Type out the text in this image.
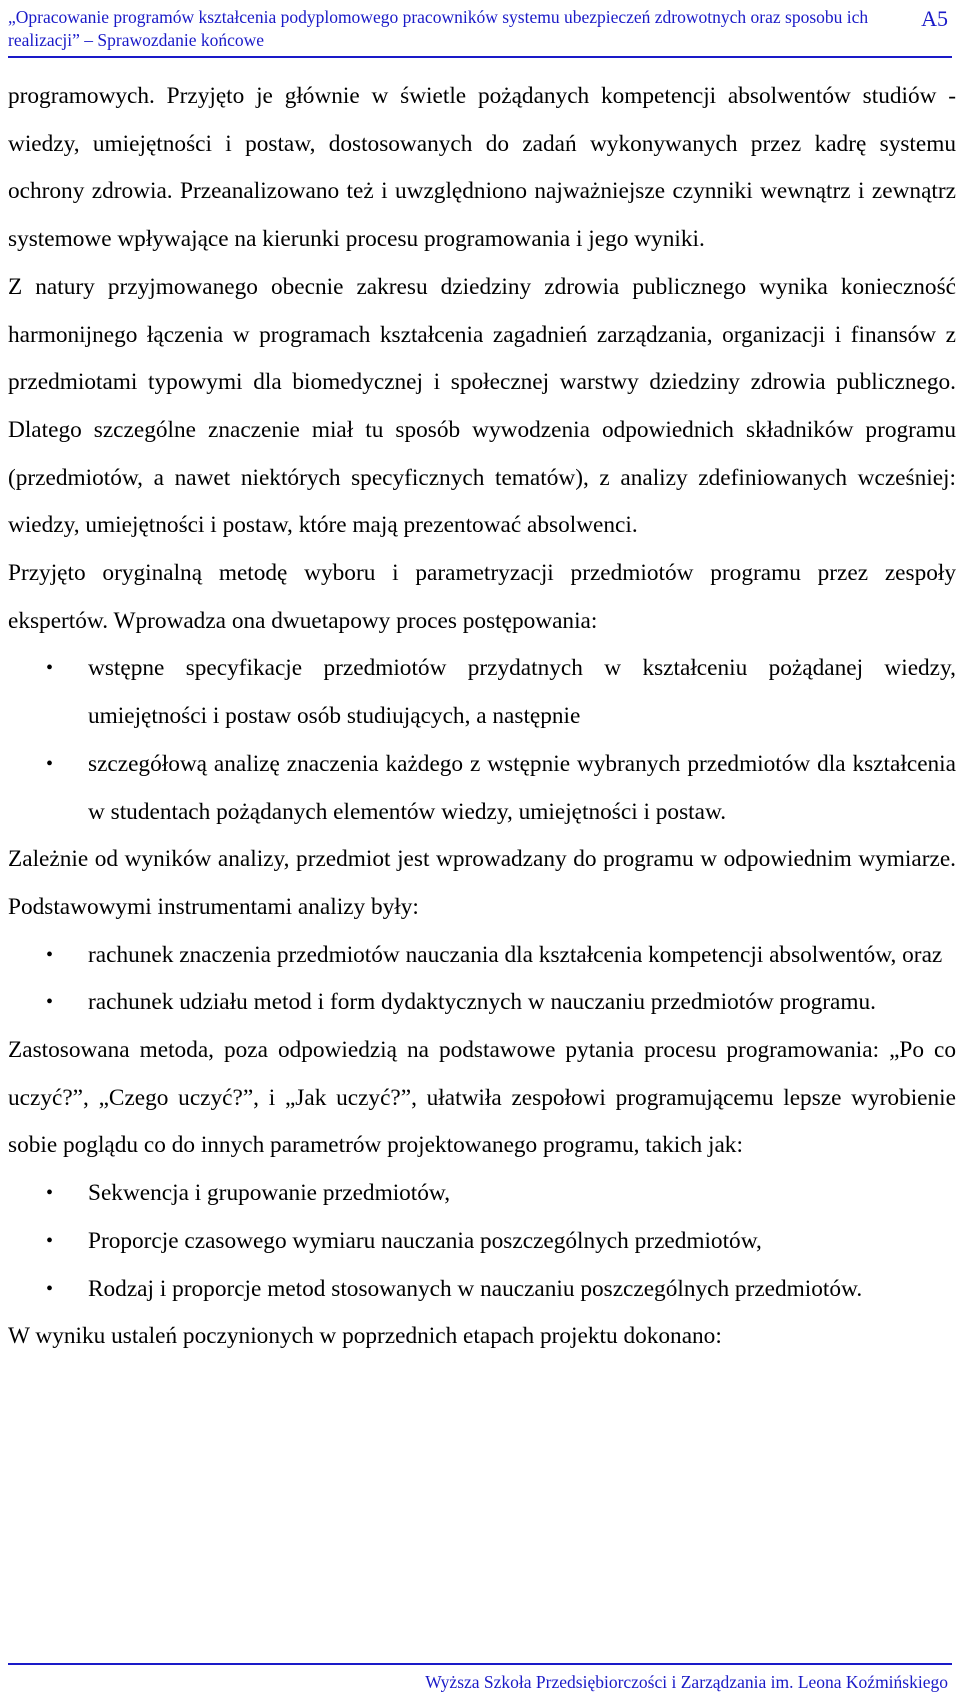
„Opracowanie programów kształcenia podyplomowego pracowników systemu ubezpieczeń zdrowotnych oraz sposobu ich realizacji” – Sprawozdanie końcowe
A5

programowych. Przyjęto je głównie w świetle pożądanych kompetencji absolwentów studiów - wiedzy, umiejętności i postaw, dostosowanych do zadań wykonywanych przez kadrę systemu ochrony zdrowia. Przeanalizowano też i uwzględniono najważniejsze czynniki wewnątrz i zewnątrz systemowe wpływające na kierunki procesu programowania i jego wyniki.

Z natury przyjmowanego obecnie zakresu dziedziny zdrowia publicznego wynika konieczność harmonijnego łączenia w programach kształcenia zagadnień zarządzania, organizacji i finansów z przedmiotami typowymi dla biomedycznej i społecznej warstwy dziedziny zdrowia publicznego. Dlatego szczególne znaczenie miał tu sposób wywodzenia odpowiednich składników programu (przedmiotów, a nawet niektórych specyficznych tematów), z analizy zdefiniowanych wcześniej: wiedzy, umiejętności i postaw, które mają prezentować absolwenci.

Przyjęto oryginalną metodę wyboru i parametryzacji przedmiotów programu przez zespoły ekspertów. Wprowadza ona dwuetapowy proces postępowania:

• wstępne specyfikacje przedmiotów przydatnych w kształceniu pożądanej wiedzy, umiejętności i postaw osób studiujących, a następnie
• szczegółową analizę znaczenia każdego z wstępnie wybranych przedmiotów dla kształcenia w studentach pożądanych elementów wiedzy, umiejętności i postaw.

Zależnie od wyników analizy, przedmiot jest wprowadzany do programu w odpowiednim wymiarze. Podstawowymi instrumentami analizy były:

• rachunek znaczenia przedmiotów nauczania dla kształcenia kompetencji absolwentów, oraz
• rachunek udziału metod i form dydaktycznych w nauczaniu przedmiotów programu.

Zastosowana metoda, poza odpowiedzią na podstawowe pytania procesu programowania: „Po co uczyć?”, „Czego uczyć?”, i „Jak uczyć?”, ułatwiła zespołowi programującemu lepsze wyrobienie sobie poglądu co do innych parametrów projektowanego programu, takich jak:

• Sekwencja i grupowanie przedmiotów,
• Proporcje czasowego wymiaru nauczania poszczególnych przedmiotów,
• Rodzaj i proporcje metod stosowanych w nauczaniu poszczególnych przedmiotów.

W wyniku ustaleń poczynionych w poprzednich etapach projektu dokonano:

Wyższa Szkoła Przedsiębiorczości i Zarządzania im. Leona Koźmińskiego
